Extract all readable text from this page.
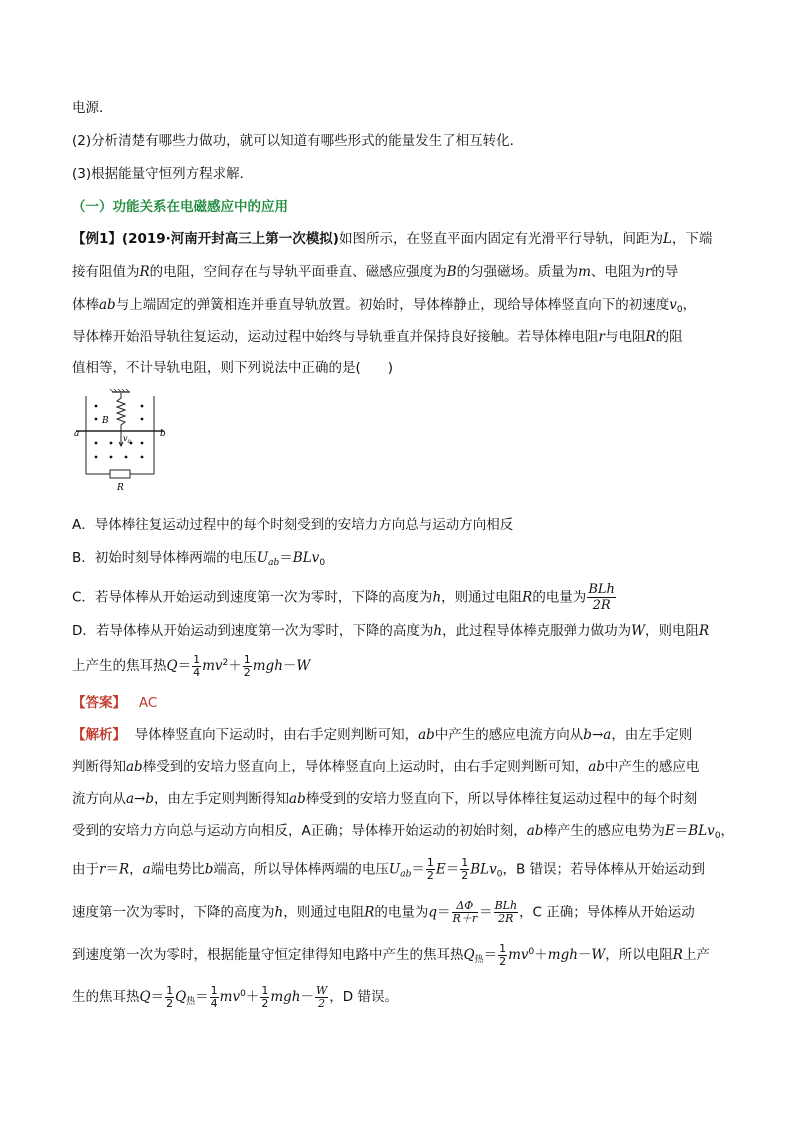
电源．
(2)分析清楚有哪些力做功，就可以知道有哪些形式的能量发生了相互转化．
(3)根据能量守恒列方程求解．
（一）功能关系在电磁感应中的应用
【例1】(2019·河南开封高三上第一次模拟)如图所示，在竖直平面内固定有光滑平行导轨，间距为L，下端
接有阻值为R的电阻，空间存在与导轨平面垂直、磁感应强度为B的匀强磁场。质量为m、电阻为r的导
体棒ab与上端固定的弹簧相连并垂直导轨放置。初始时，导体棒静止，现给导体棒竖直向下的初速度$v_0$，
导体棒开始沿导轨往复运动，运动过程中始终与导轨垂直并保持良好接触。若导体棒电阻r与电阻R的阻
值相等，不计导轨电阻，则下列说法中正确的是(　　)
B
a	b
$v_0$
R
A．导体棒往复运动过程中的每个时刻受到的安培力方向总与运动方向相反
B．初始时刻导体棒两端的电压$U_{ab}=BLv_0$
C．若导体棒从开始运动到速度第一次为零时，下降的高度为h，则通过电阻R的电量为 $\frac{\text{BLh}}{2R}$
D．若导体棒从开始运动到速度第一次为零时，下降的高度为h，此过程导体棒克服弹力做功为W，则电阻R
上产生的焦耳热$Q= \frac{1}{4} mv^2+ \frac{1}{2} mgh-W$
【答案】 AC
【解析】 导体棒竖直向下运动时，由右手定则判断可知，ab中产生的感应电流方向从b→a，由左手定则
判断得知ab棒受到的安培力竖直向上，导体棒竖直向上运动时，由右手定则判断可知，ab中产生的感应电
流方向从a→b，由左手定则判断得知ab棒受到的安培力竖直向下，所以导体棒往复运动过程中的每个时刻
受到的安培力方向总与运动方向相反，A正确；导体棒开始运动的初始时刻，ab棒产生的感应电势为E＝BLv$_0$，
由于r＝R，a端电势比b端高，所以导体棒两端的电压$U_{ab}= \frac{1}{2} E= \frac{1}{2} BLv_0$，B 错误；若导体棒从开始运动到
速度第一次为零时，下降的高度为h，则通过电阻R的电量为$q= \frac{\Delta\Phi}{R+r} = \frac{\text{BLh}}{2R}$ ，C 正确；导体棒从开始运动
到速度第一次为零时，根据能量守恒定律得知电路中产生的焦耳热$Q_热= \frac{1}{2} mv^0+mgh-W$，所以电阻R上产
生的焦耳热$Q= \frac{1}{2} Q_热= \frac{1}{4} mv^0+ \frac{1}{2} mgh- \frac{W}{2}$ ，D 错误。
